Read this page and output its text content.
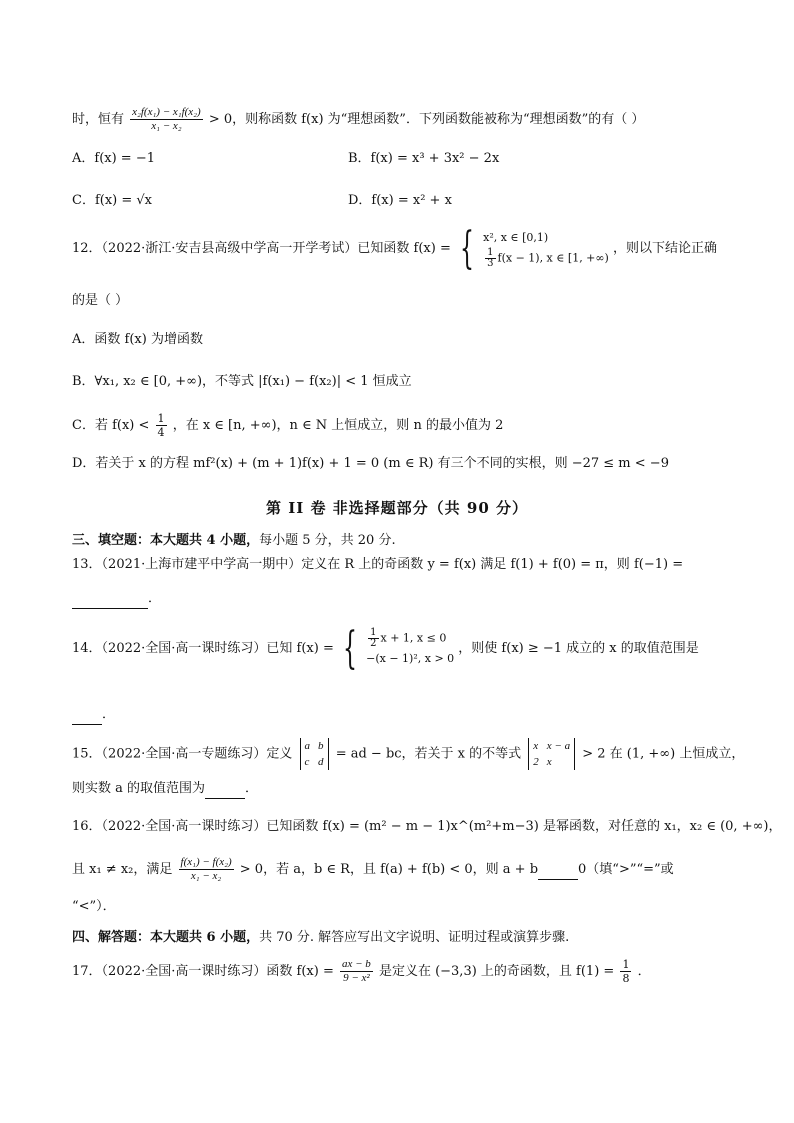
时，恒有 $\frac{\text{x₂f(x₁) − x₁f(x₂)}}{\text{x₁ − x₂}} > 0$，则称函数 f(x) 为“理想函数”．下列函数能被称为“理想函数”的有（ ）
A．f(x) = −1	B．f(x) = x³ + 3x² − 2x
C．f(x) = √x	D．f(x) = x² + x
12．（2022·浙江·安吉县高级中学高一开学考试）已知函数 f(x) = { x², x ∈ [0,1)
$\frac{1}{3} f(x - 1)$, x ∈ [1, +∞)
，则以下结论正确
的是（ ）
A．函数 f(x) 为增函数
B．∀x₁, x₂ ∈ [0, +∞)，不等式 |f(x₁) − f(x₂)| < 1 恒成立
C．若 $f(x) < \frac{1}{4}$ ，在 x ∈ [n, +∞)，n ∈ N 上恒成立，则 n 的最小值为 2
D．若关于 x 的方程 mf²(x) + (m + 1)f(x) + 1 = 0 (m ∈ R) 有三个不同的实根，则 −27 ≤ m < −9
第 II 卷 非选择题部分（共 90 分）
三、填空题：本大题共 4 小题，每小题 5 分，共 20 分.
13．（2021·上海市建平中学高一期中）定义在 R 上的奇函数 y = f(x) 满足 f(1) + f(0) = π，则 f(−1) =
．
14．（2022·全国·高一课时练习）已知 f(x) = { $\frac{1}{2}$ x + 1, x ≤ 0
−(x − 1)², x > 0
，则使 f(x) ≥ −1 成立的 x 的取值范围是
．
15．（2022·全国·高一专题练习）定义 a	b
c	d = ad − bc，若关于 x 的不等式 x	x − a
2	x > 2 在 (1, +∞) 上恒成立，
则实数 a 的取值范围为	．
16．（2022·全国·高一课时练习）已知函数 f(x) = (m² − m − 1)x^(m²+m−3) 是幂函数，对任意的 x₁，x₂ ∈ (0, +∞)，
且 x₁ ≠ x₂，满足 $\frac{\text{f(x₁) − f(x₂)}}{\text{x₁ − x₂}} > 0$，若 a，b ∈ R，且 f(a) + f(b) < 0，则 a + b	0（填“>”“=”或
“<”）．
四、解答题：本大题共 6 小题，共 70 分. 解答应写出文字说明、证明过程或演算步骤.
17．（2022·全国·高一课时练习）函数 $f(x) = \frac{ax - b}{\text{9 − x²}}$ 是定义在 (−3,3) 上的奇函数，且 $f(1) = \frac{1}{8}$ ．
